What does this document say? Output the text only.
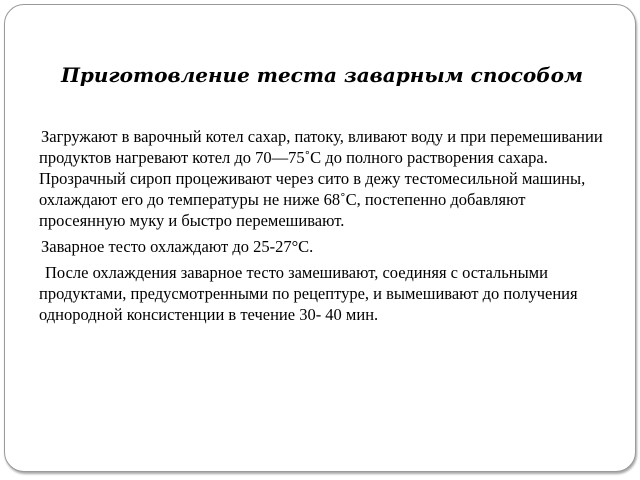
Приготовление теста заварным способом

Загружают в варочный котел сахар, патоку, вливают воду и при перемешивании продуктов нагревают котел до 70—75˚С до полного растворения сахара. Прозрачный сироп процеживают через сито в дежу тестомесильной машины, охлаждают его до температуры не ниже 68˚С, постепенно добавляют просеянную муку и быстро перемешивают.

Заварное тесто охлаждают до 25-27°С.

После охлаждения заварное тесто замешивают, соединяя с остальными продуктами, предусмотренными по рецептуре, и вымешивают до получения однородной консистенции в течение 30- 40 мин.
